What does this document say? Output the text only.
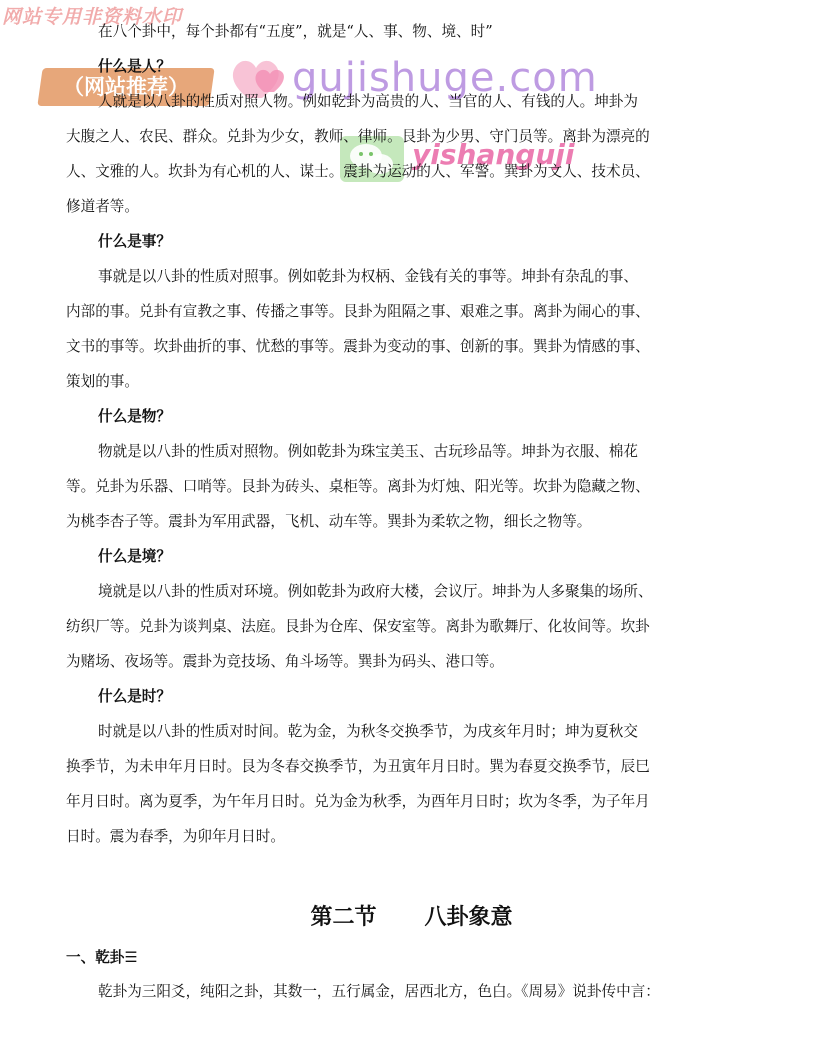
网站专用非资料水印
（网站推荐）	gujishuge.com
yishanguji
在八个卦中，每个卦都有“五度”，就是“人、事、物、境、时”
什么是人？
人就是以八卦的性质对照人物。例如乾卦为高贵的人、当官的人、有钱的人。坤卦为
大腹之人、农民、群众。兑卦为少女，教师、律师。艮卦为少男、守门员等。离卦为漂亮的
人、文雅的人。坎卦为有心机的人、谋士。震卦为运动的人、军警。巽卦为文人、技术员、
修道者等。
什么是事？
事就是以八卦的性质对照事。例如乾卦为权柄、金钱有关的事等。坤卦有杂乱的事、
内部的事。兑卦有宣教之事、传播之事等。艮卦为阻隔之事、艰难之事。离卦为闹心的事、
文书的事等。坎卦曲折的事、忧愁的事等。震卦为变动的事、创新的事。巽卦为情感的事、
策划的事。
什么是物？
物就是以八卦的性质对照物。例如乾卦为珠宝美玉、古玩珍品等。坤卦为衣服、棉花
等。兑卦为乐器、口哨等。艮卦为砖头、桌柜等。离卦为灯烛、阳光等。坎卦为隐藏之物、
为桃李杏子等。震卦为军用武器，飞机、动车等。巽卦为柔软之物，细长之物等。
什么是境？
境就是以八卦的性质对环境。例如乾卦为政府大楼，会议厅。坤卦为人多聚集的场所、
纺织厂等。兑卦为谈判桌、法庭。艮卦为仓库、保安室等。离卦为歌舞厅、化妆间等。坎卦
为赌场、夜场等。震卦为竞技场、角斗场等。巽卦为码头、港口等。
什么是时？
时就是以八卦的性质对时间。乾为金，为秋冬交换季节，为戌亥年月时；坤为夏秋交
换季节，为未申年月日时。艮为冬春交换季节，为丑寅年月日时。巽为春夏交换季节，辰巳
年月日时。离为夏季，为午年月日时。兑为金为秋季，为酉年月日时；坎为冬季，为子年月
日时。震为春季，为卯年月日时。
第二节 八卦象意
一、乾卦☰
乾卦为三阳爻，纯阳之卦，其数一，五行属金，居西北方，色白。《周易》说卦传中言：
